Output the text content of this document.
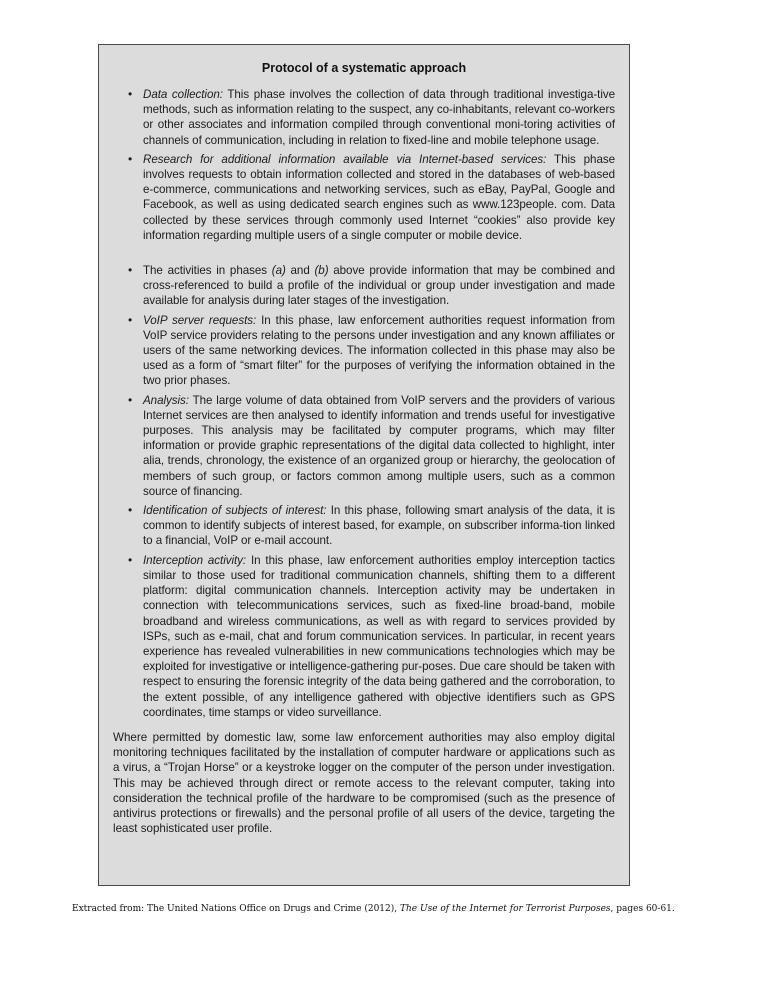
Protocol of a systematic approach
• Data collection: This phase involves the collection of data through traditional investiga-tive methods, such as information relating to the suspect, any co-inhabitants, relevant co-workers or other associates and information compiled through conventional moni-toring activities of channels of communication, including in relation to fixed-line and mobile telephone usage.
• Research for additional information available via Internet-based services: This phase involves requests to obtain information collected and stored in the databases of web-based e-commerce, communications and networking services, such as eBay, PayPal, Google and Facebook, as well as using dedicated search engines such as www.123people. com. Data collected by these services through commonly used Internet “cookies” also provide key information regarding multiple users of a single computer or mobile device.
• The activities in phases (a) and (b) above provide information that may be combined and cross-referenced to build a profile of the individual or group under investigation and made available for analysis during later stages of the investigation.
• VoIP server requests: In this phase, law enforcement authorities request information from VoIP service providers relating to the persons under investigation and any known affiliates or users of the same networking devices. The information collected in this phase may also be used as a form of “smart filter” for the purposes of verifying the information obtained in the two prior phases.
• Analysis: The large volume of data obtained from VoIP servers and the providers of various Internet services are then analysed to identify information and trends useful for investigative purposes. This analysis may be facilitated by computer programs, which may filter information or provide graphic representations of the digital data collected to highlight, inter alia, trends, chronology, the existence of an organized group or hierarchy, the geolocation of members of such group, or factors common among multiple users, such as a common source of financing.
• Identification of subjects of interest: In this phase, following smart analysis of the data, it is common to identify subjects of interest based, for example, on subscriber informa-tion linked to a financial, VoIP or e-mail account.
• Interception activity: In this phase, law enforcement authorities employ interception tactics similar to those used for traditional communication channels, shifting them to a different platform: digital communication channels. Interception activity may be undertaken in connection with telecommunications services, such as fixed-line broad-band, mobile broadband and wireless communications, as well as with regard to services provided by ISPs, such as e-mail, chat and forum communication services. In particular, in recent years experience has revealed vulnerabilities in new communications technologies which may be exploited for investigative or intelligence-gathering pur-poses. Due care should be taken with respect to ensuring the forensic integrity of the data being gathered and the corroboration, to the extent possible, of any intelligence gathered with objective identifiers such as GPS coordinates, time stamps or video surveillance.

Where permitted by domestic law, some law enforcement authorities may also employ digital monitoring techniques facilitated by the installation of computer hardware or applications such as a virus, a “Trojan Horse” or a keystroke logger on the computer of the person under investigation. This may be achieved through direct or remote access to the relevant computer, taking into consideration the technical profile of the hardware to be compromised (such as the presence of antivirus protections or firewalls) and the personal profile of all users of the device, targeting the least sophisticated user profile.

Extracted from: The United Nations Office on Drugs and Crime (2012), The Use of the Internet for Terrorist Purposes, pages 60-61.
